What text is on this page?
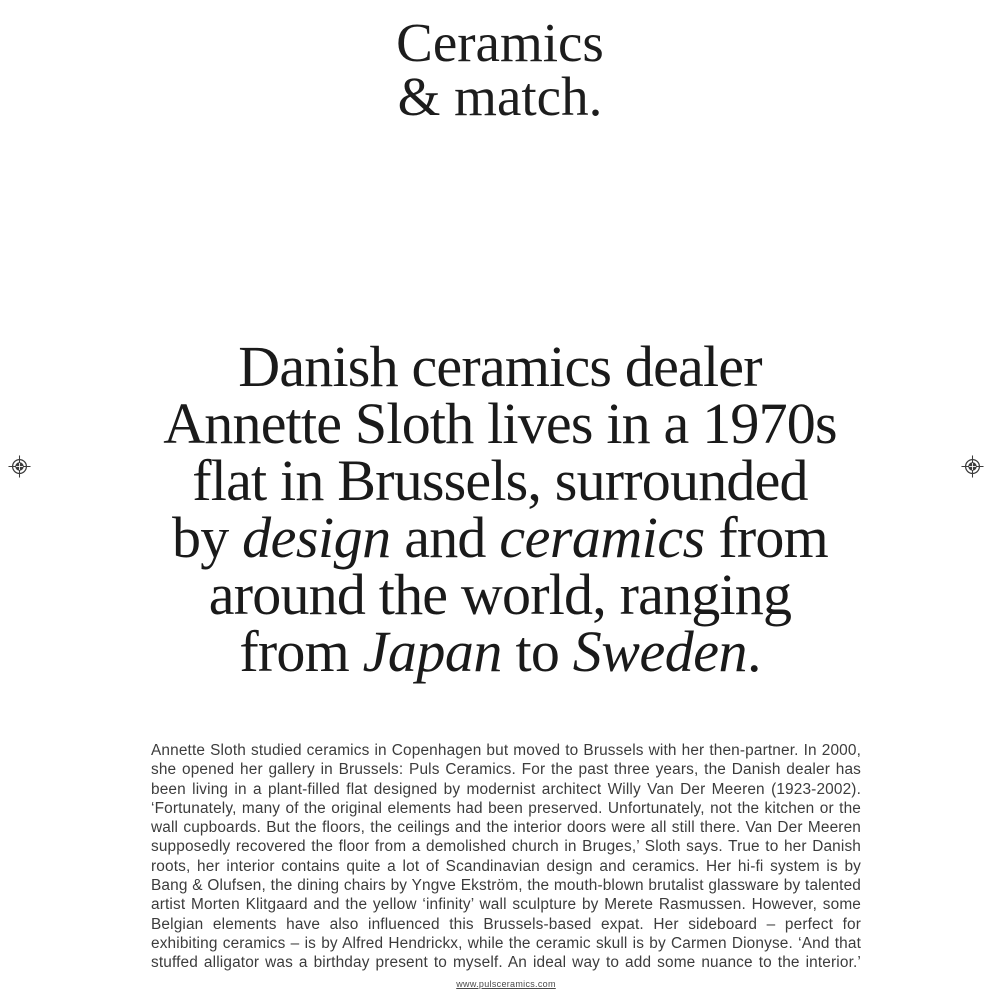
Ceramics
& match.
Danish ceramics dealer
Annette Sloth lives in a 1970s
flat in Brussels, surrounded
by design and ceramics from
around the world, ranging
from Japan to Sweden.

Annette Sloth studied ceramics in Copenhagen but moved to Brussels with her then-partner. In 2000, she opened her gallery in Brussels: Puls Ceramics. For the past three years, the Danish dealer has been living in a plant-filled flat designed by modernist architect Willy Van Der Meeren (1923-2002). ‘Fortunately, many of the original elements had been preserved. Unfortunately, not the kitchen or the wall cupboards. But the floors, the ceilings and the interior doors were all still there. Van Der Meeren supposedly recovered the floor from a demolished church in Bruges,’ Sloth says. True to her Danish roots, her interior contains quite a lot of Scandinavian design and ceramics. Her hi-fi system is by Bang & Olufsen, the dining chairs by Yngve Ekström, the mouth-blown brutalist glassware by talented artist Morten Klitgaard and the yellow ‘infinity’ wall sculpture by Merete Rasmussen. However, some Belgian elements have also influenced this Brussels-based expat. Her sideboard – perfect for exhibiting ceramics – is by Alfred Hendrickx, while the ceramic skull is by Carmen Dionyse. ‘And that stuffed alligator was a birthday present to myself. An ideal way to add some nuance to the interior.’ www.pulsceramics.com
